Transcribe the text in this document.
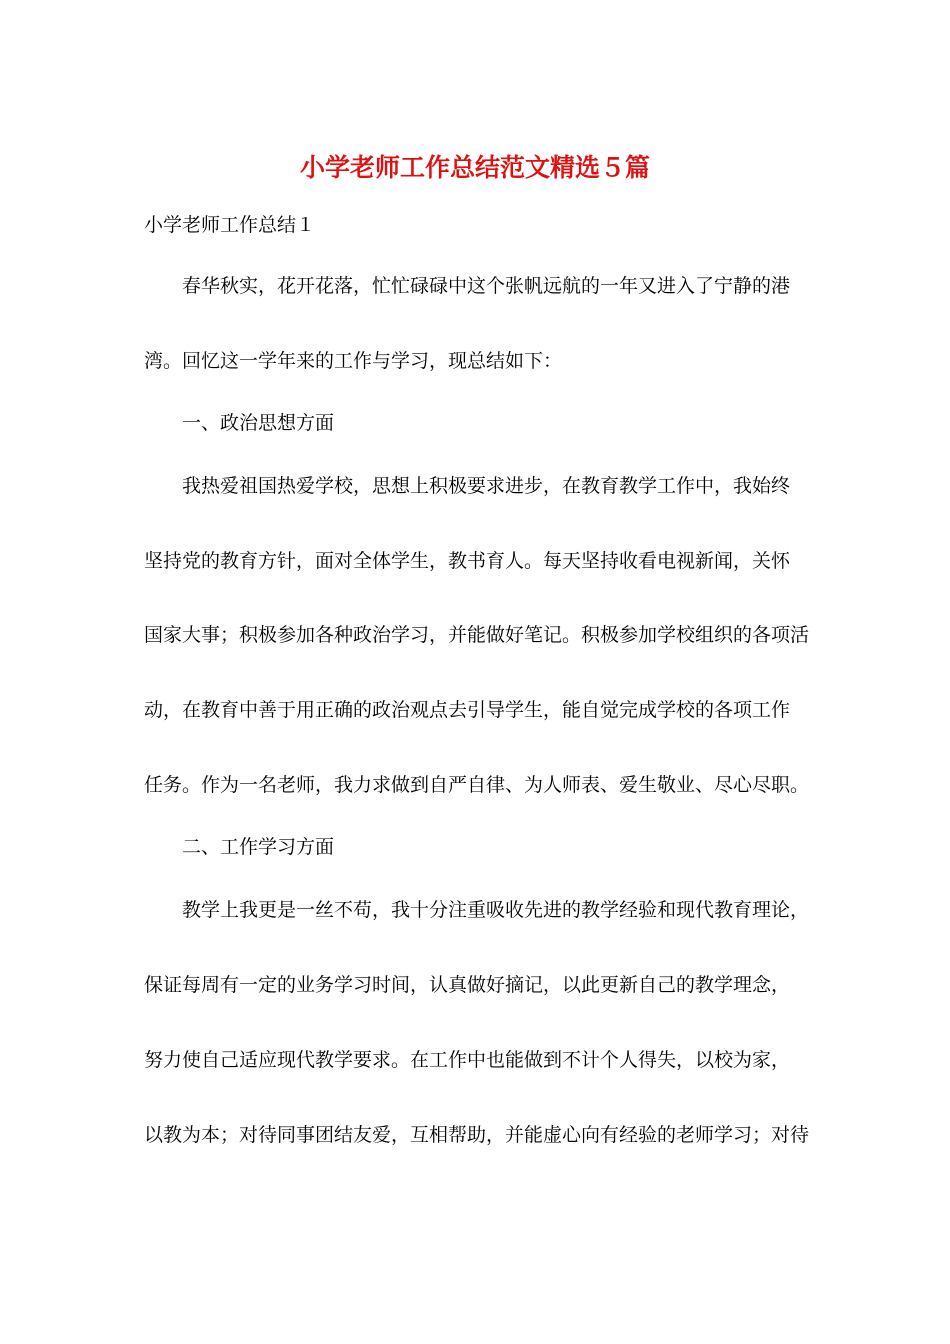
小学老师工作总结范文精选５篇
小学老师工作总结１
春华秋实，花开花落，忙忙碌碌中这个张帆远航的一年又进入了宁静的港
湾。回忆这一学年来的工作与学习，现总结如下：
一、政治思想方面
我热爱祖国热爱学校，思想上积极要求进步，在教育教学工作中，我始终
坚持党的教育方针，面对全体学生，教书育人。每天坚持收看电视新闻，关怀
国家大事；积极参加各种政治学习，并能做好笔记。积极参加学校组织的各项活
动，在教育中善于用正确的政治观点去引导学生，能自觉完成学校的各项工作
任务。作为一名老师，我力求做到自严自律、为人师表、爱生敬业、尽心尽职。
二、工作学习方面
教学上我更是一丝不苟，我十分注重吸收先进的教学经验和现代教育理论，
保证每周有一定的业务学习时间，认真做好摘记，以此更新自己的教学理念，
努力使自己适应现代教学要求。在工作中也能做到不计个人得失，以校为家，
以教为本；对待同事团结友爱，互相帮助，并能虚心向有经验的老师学习；对待
